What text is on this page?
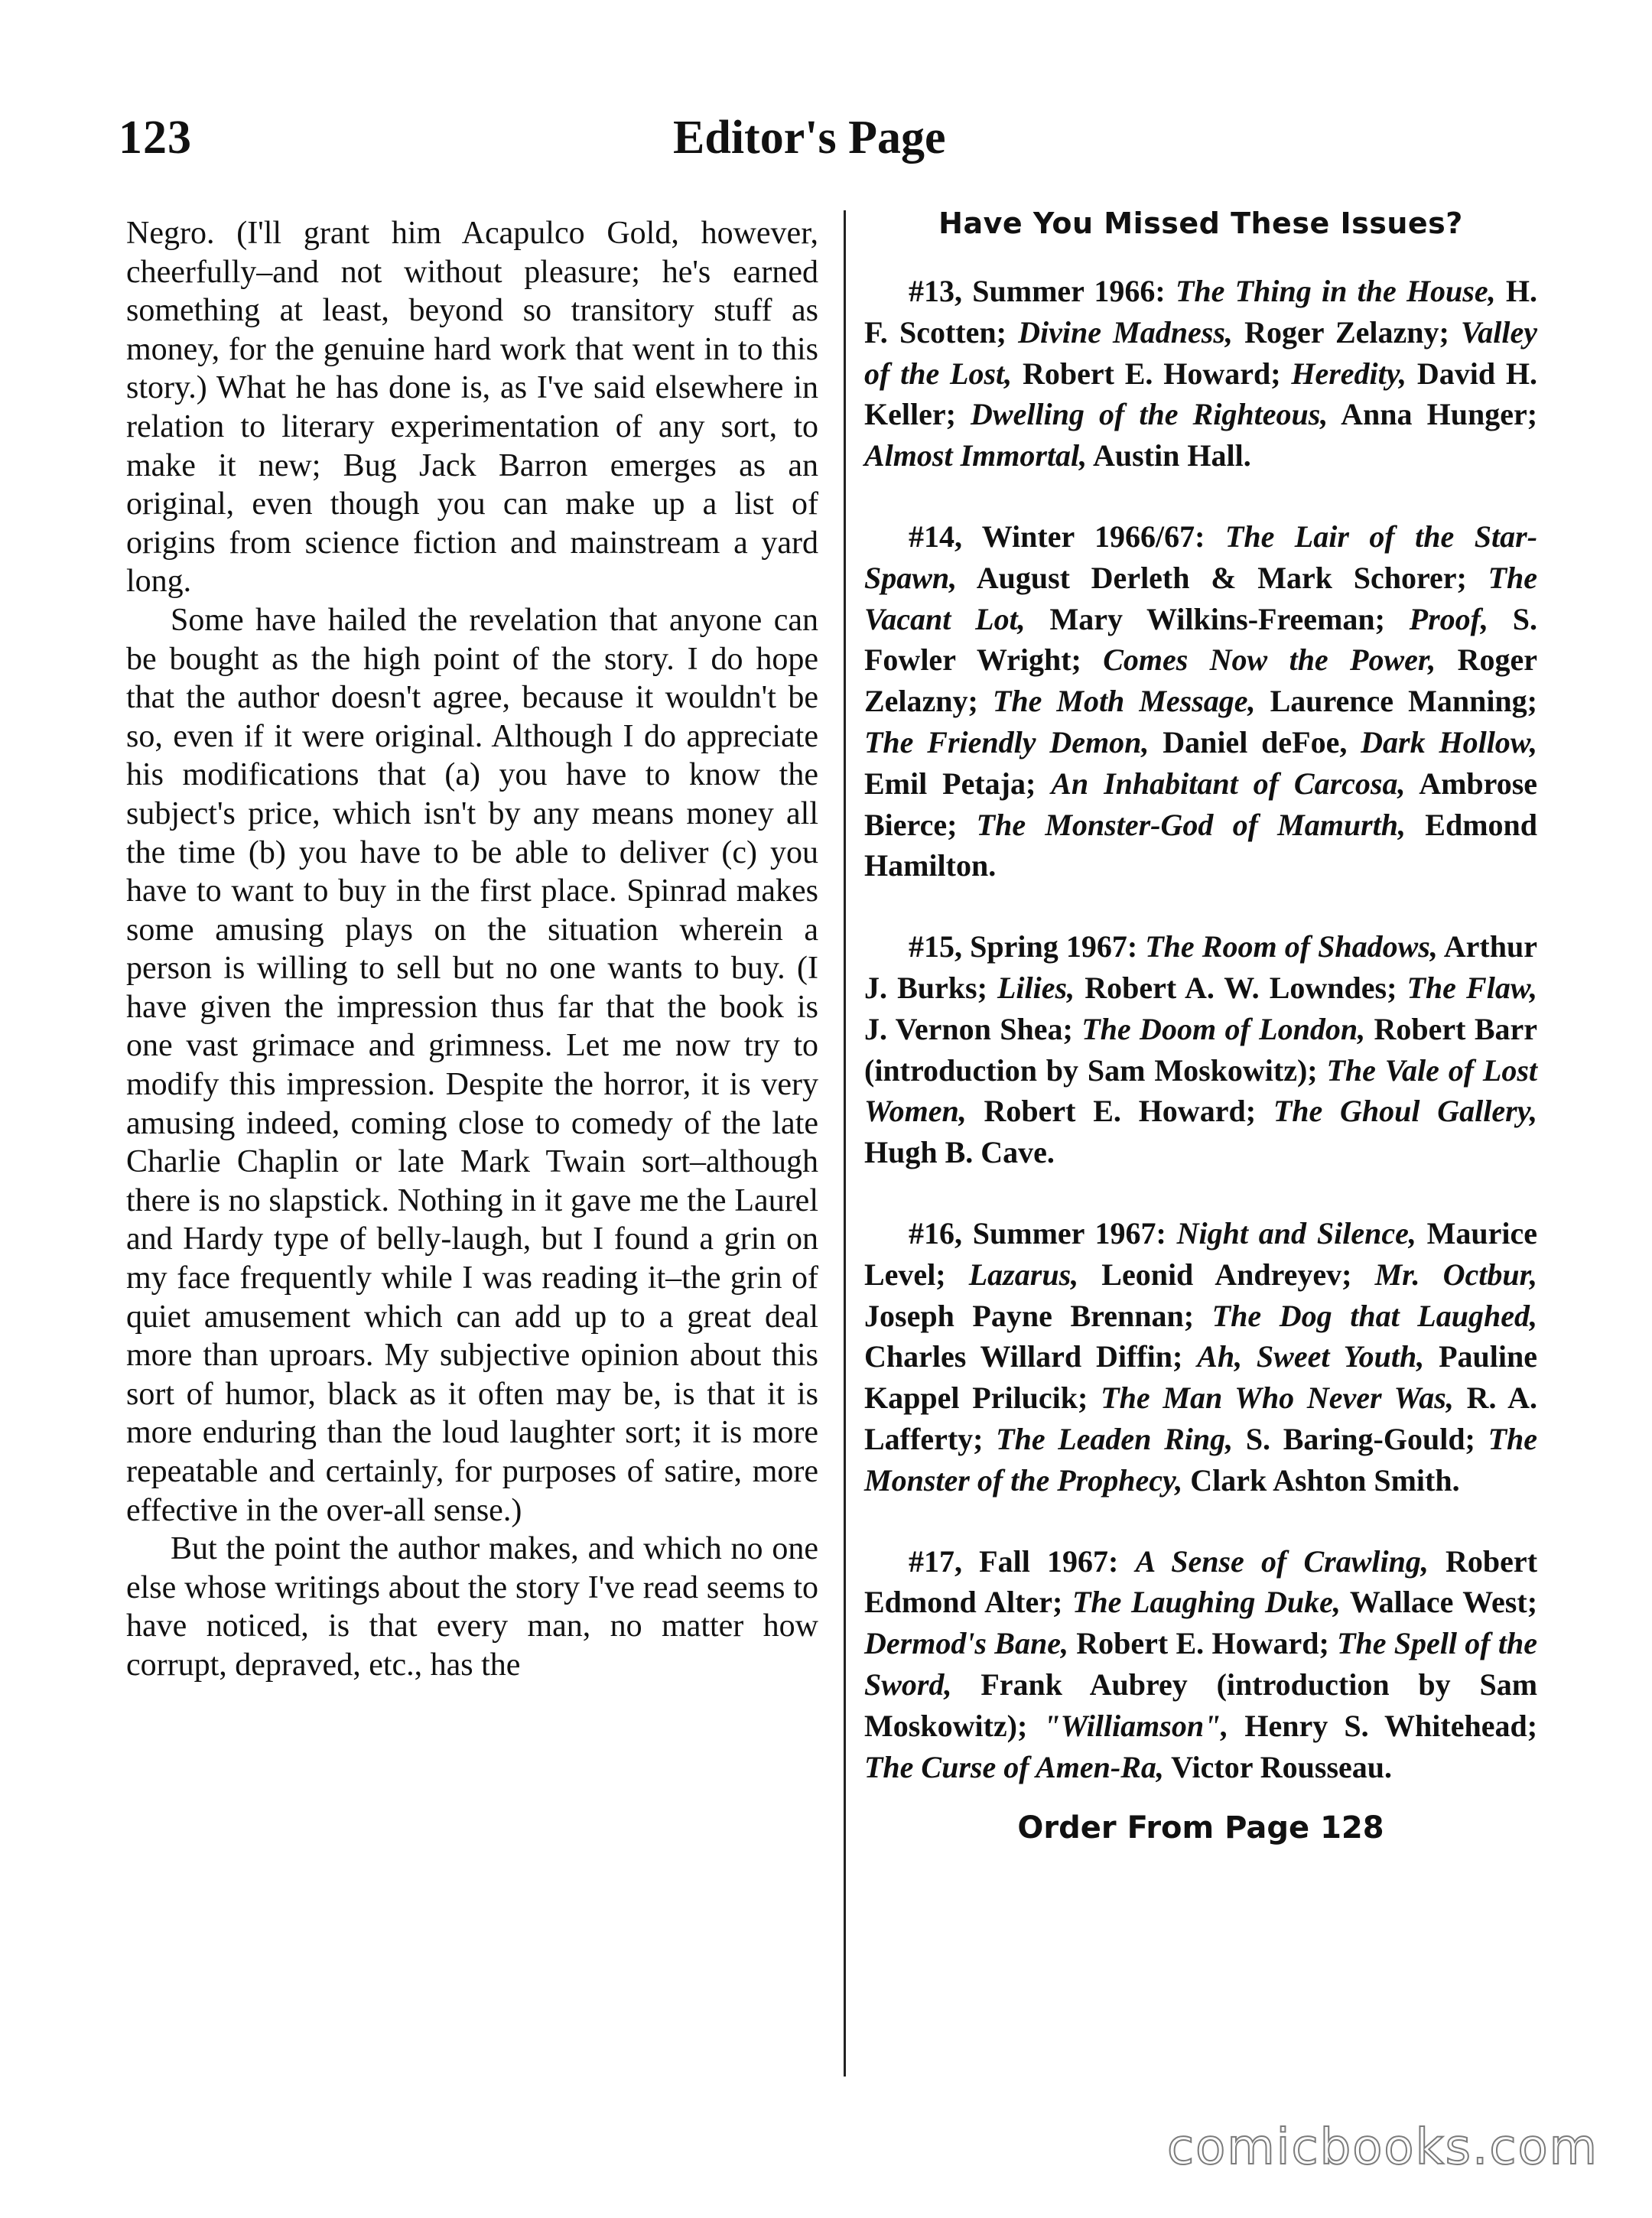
123	Editor's Page

Negro. (I'll grant him Acapulco Gold, however, cheerfully–and not without pleasure; he's earned something at least, beyond so transitory stuff as money, for the genuine hard work that went in to this story.) What he has done is, as I've said elsewhere in relation to literary experimentation of any sort, to make it new; Bug Jack Barron emerges as an original, even though you can make up a list of origins from science fiction and mainstream a yard long.

Some have hailed the revelation that anyone can be bought as the high point of the story. I do hope that the author doesn't agree, because it wouldn't be so, even if it were original. Although I do appreciate his modifications that (a) you have to know the subject's price, which isn't by any means money all the time (b) you have to be able to deliver (c) you have to want to buy in the first place. Spinrad makes some amusing plays on the situation wherein a person is willing to sell but no one wants to buy. (I have given the impression thus far that the book is one vast grimace and grimness. Let me now try to modify this impression. Despite the horror, it is very amusing indeed, coming close to comedy of the late Charlie Chaplin or late Mark Twain sort–although there is no slapstick. Nothing in it gave me the Laurel and Hardy type of belly-laugh, but I found a grin on my face frequently while I was reading it–the grin of quiet amusement which can add up to a great deal more than uproars. My subjective opinion about this sort of humor, black as it often may be, is that it is more enduring than the loud laughter sort; it is more repeatable and certainly, for purposes of satire, more effective in the over-all sense.)

But the point the author makes, and which no one else whose writings about the story I've read seems to have noticed, is that every man, no matter how corrupt, depraved, etc., has the

Have You Missed These Issues?

#13, Summer 1966: The Thing in the House, H. F. Scotten; Divine Madness, Roger Zelazny; Valley of the Lost, Robert E. Howard; Heredity, David H. Keller; Dwelling of the Righteous, Anna Hunger; Almost Immortal, Austin Hall.

#14, Winter 1966/67: The Lair of the Star-Spawn, August Derleth & Mark Schorer; The Vacant Lot, Mary Wilkins-Freeman; Proof, S. Fowler Wright; Comes Now the Power, Roger Zelazny; The Moth Message, Laurence Manning; The Friendly Demon, Daniel deFoe, Dark Hollow, Emil Petaja; An Inhabitant of Carcosa, Ambrose Bierce; The Monster-God of Mamurth, Edmond Hamilton.

#15, Spring 1967: The Room of Shadows, Arthur J. Burks; Lilies, Robert A. W. Lowndes; The Flaw, J. Vernon Shea; The Doom of London, Robert Barr (introduction by Sam Moskowitz); The Vale of Lost Women, Robert E. Howard; The Ghoul Gallery, Hugh B. Cave.

#16, Summer 1967: Night and Silence, Maurice Level; Lazarus, Leonid Andreyev; Mr. Octbur, Joseph Payne Brennan; The Dog that Laughed, Charles Willard Diffin; Ah, Sweet Youth, Pauline Kappel Prilucik; The Man Who Never Was, R. A. Lafferty; The Leaden Ring, S. Baring-Gould; The Monster of the Prophecy, Clark Ashton Smith.

#17, Fall 1967: A Sense of Crawling, Robert Edmond Alter; The Laughing Duke, Wallace West; Dermod's Bane, Robert E. Howard; The Spell of the Sword, Frank Aubrey (introduction by Sam Moskowitz); "Williamson", Henry S. Whitehead; The Curse of Amen-Ra, Victor Rousseau.

Order From Page 128
comicbooks.com
